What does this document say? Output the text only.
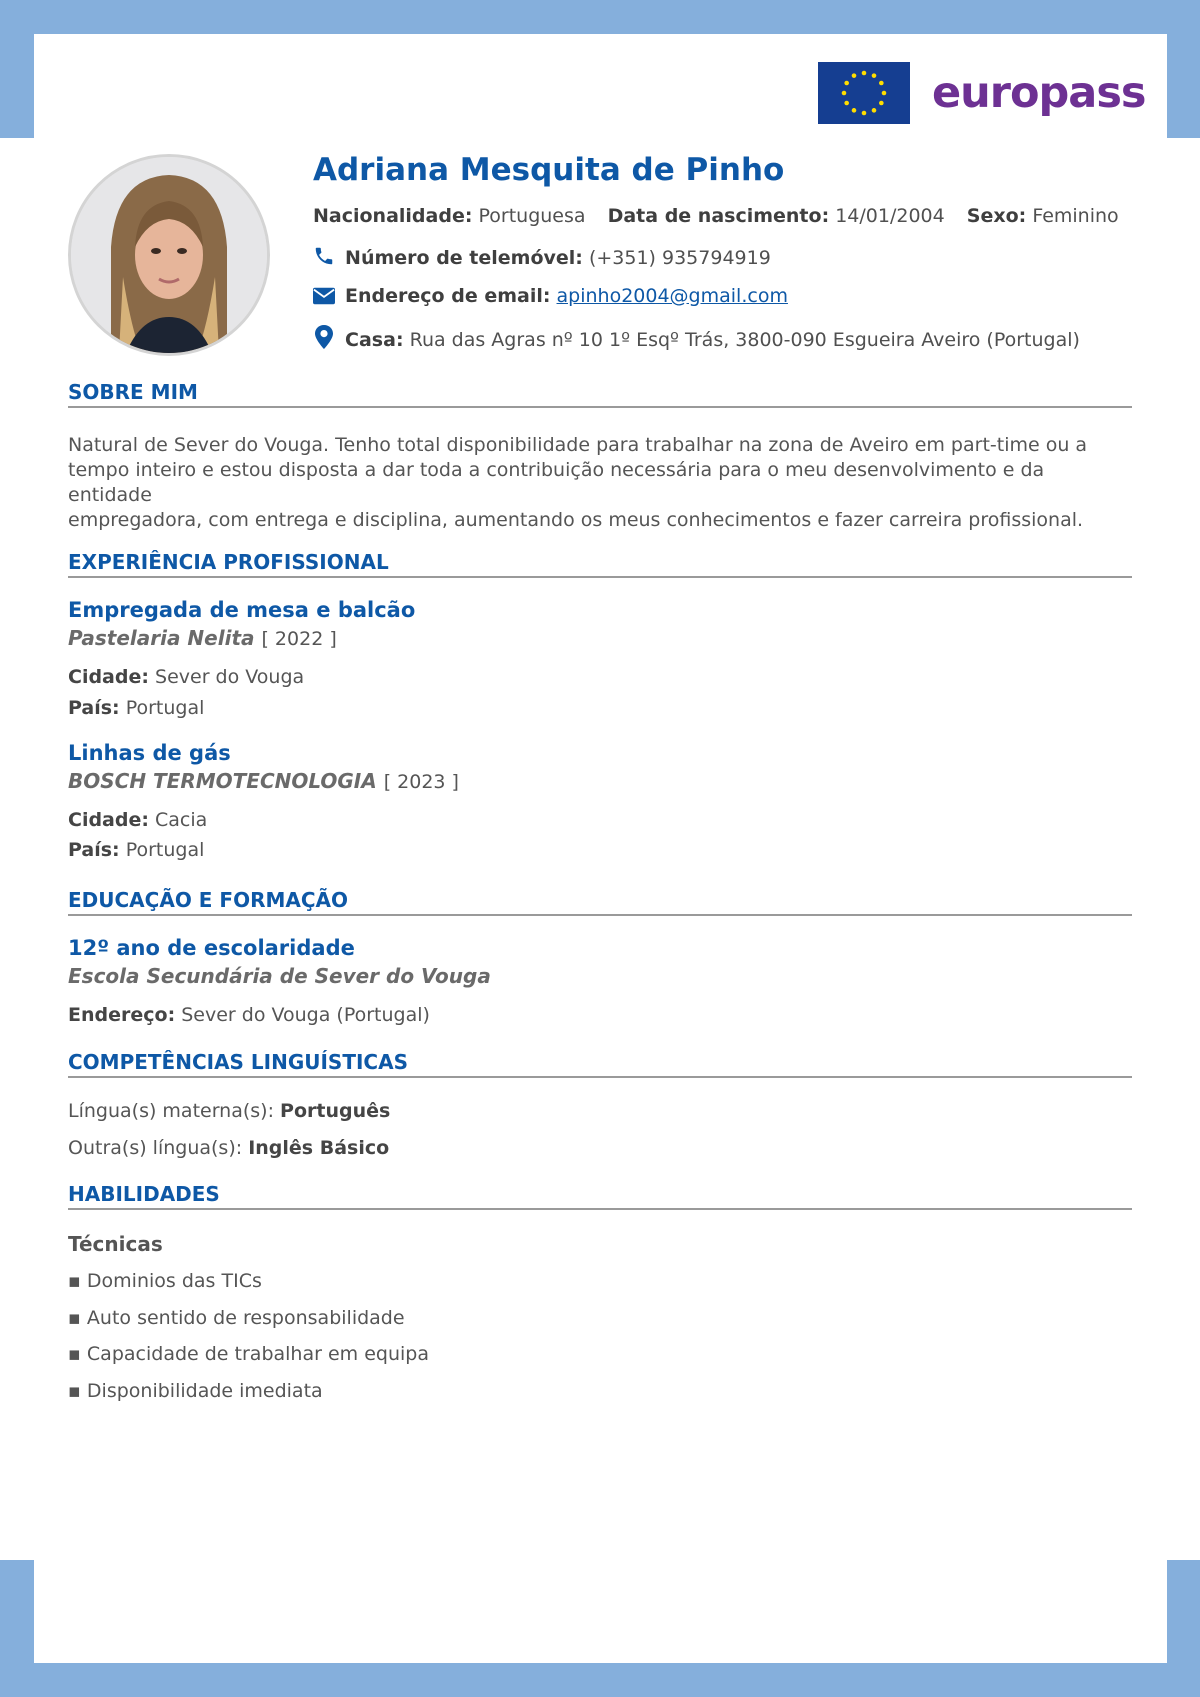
europass
Adriana Mesquita de Pinho
Nacionalidade: Portuguesa Data de nascimento: 14/01/2004 Sexo: Feminino
Número de telemóvel: (+351) 935794919
Endereço de email: apinho2004@gmail.com
Casa: Rua das Agras nº 10 1º Esqº Trás, 3800-090 Esgueira Aveiro (Portugal)
SOBRE MIM
Natural de Sever do Vouga. Tenho total disponibilidade para trabalhar na zona de Aveiro em part-time ou a
tempo inteiro e estou disposta a dar toda a contribuição necessária para o meu desenvolvimento e da entidade
empregadora, com entrega e disciplina, aumentando os meus conhecimentos e fazer carreira profissional.
EXPERIÊNCIA PROFISSIONAL
Empregada de mesa e balcão
Pastelaria Nelita [ 2022 ]
Cidade: Sever do Vouga
País: Portugal
Linhas de gás
BOSCH TERMOTECNOLOGIA [ 2023 ]
Cidade: Cacia
País: Portugal
EDUCAÇÃO E FORMAÇÃO
12º ano de escolaridade
Escola Secundária de Sever do Vouga
Endereço: Sever do Vouga (Portugal)
COMPETÊNCIAS LINGUÍSTICAS
Língua(s) materna(s): Português
Outra(s) língua(s): Inglês Básico
HABILIDADES
Técnicas
▪ Dominios das TICs
▪ Auto sentido de responsabilidade
▪ Capacidade de trabalhar em equipa
▪ Disponibilidade imediata
